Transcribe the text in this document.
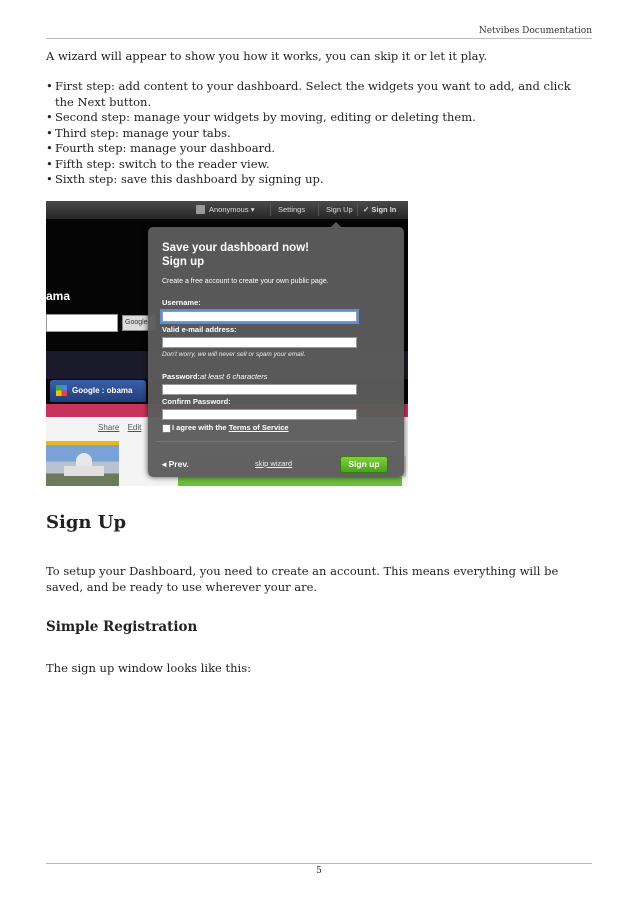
Netvibes Documentation

A wizard will appear to show you how it works, you can skip it or let it play.

• First step: add content to your dashboard. Select the widgets you want to add, and click the Next button.
• Second step: manage your widgets by moving, editing or deleting them.
• Third step: manage your tabs.
• Fourth step: manage your dashboard.
• Fifth step: switch to the reader view.
• Sixth step: save this dashboard by signing up.
Anonymous ▾	Settings	Sign Up ✓ Sign In
ama
Google
Google : obama
Share Edit
Save your dashboard now!
Sign up
Create a free account to create your own public page.
Username:
Valid e-mail address:
Don't worry, we will never sell or spam your email.
Password:at least 6 characters
Confirm Password:
I agree with the Terms of Service
◂ Prev.	skip wizard	Sign up
Sign Up

To setup your Dashboard, you need to create an account. This means everything will be saved, and be ready to use wherever your are.

Simple Registration

The sign up window looks like this:

5
